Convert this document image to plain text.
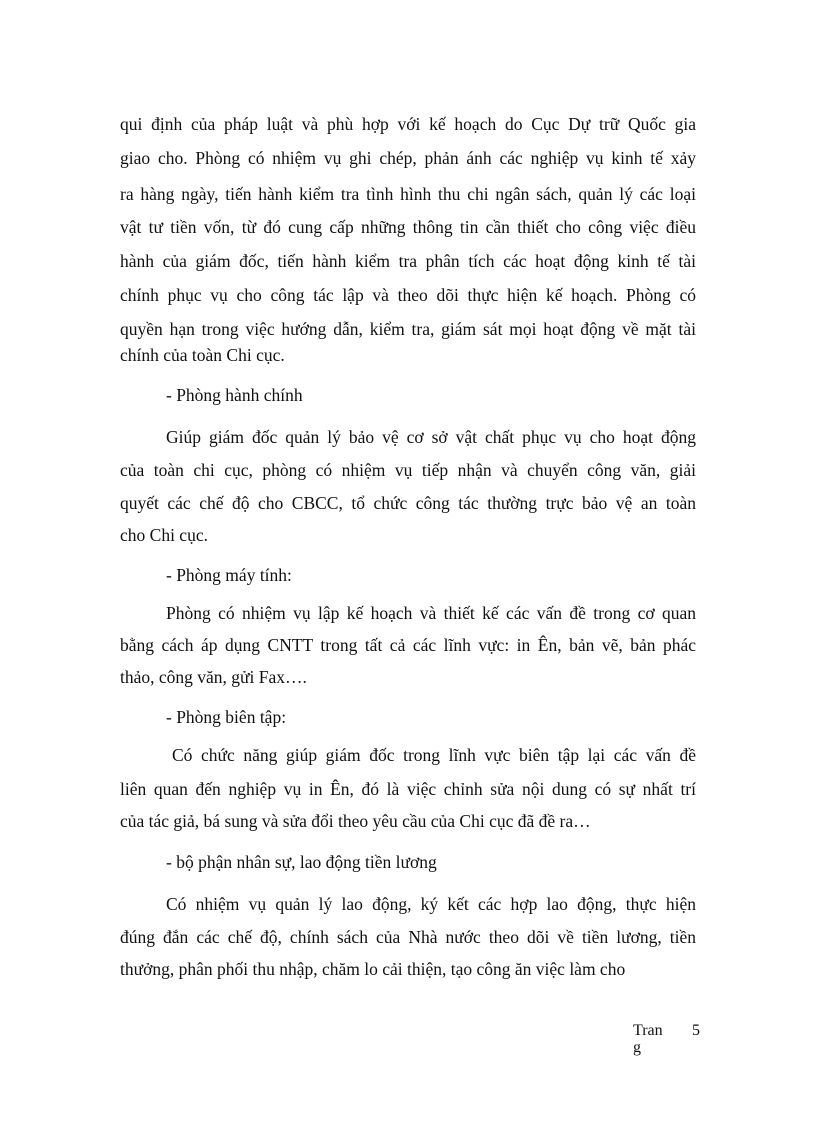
qui định của pháp luật và phù hợp với kế hoạch do Cục Dự trữ Quốc gia
giao cho. Phòng có nhiệm vụ ghi chép, phản ánh các nghiệp vụ kinh tế xảy
ra hàng ngày, tiến hành kiểm tra tình hình thu chi ngân sách, quản lý các loại
vật tư tiền vốn, từ đó cung cấp những thông tin cần thiết cho công việc điều
hành của giám đốc, tiến hành kiểm tra phân tích các hoạt động kinh tế tài
chính phục vụ cho công tác lập và theo dõi thực hiện kế hoạch. Phòng có
quyền hạn trong việc hướng dẫn, kiểm tra, giám sát mọi hoạt động về mặt tài
chính của toàn Chi cục.
- Phòng hành chính
Giúp giám đốc quản lý bảo vệ cơ sở vật chất phục vụ cho hoạt động
của toàn chi cục, phòng có nhiệm vụ tiếp nhận và chuyển công văn, giải
quyết các chế độ cho CBCC, tổ chức công tác thường trực bảo vệ an toàn
cho Chi cục.
- Phòng máy tính:
Phòng có nhiệm vụ lập kế hoạch và thiết kế các vấn đề trong cơ quan
bằng cách áp dụng CNTT trong tất cả các lĩnh vực: in Ên, bản vẽ, bản phác
thảo, công văn, gửi Fax….
- Phòng biên tập:
Có chức năng giúp giám đốc trong lĩnh vực biên tập lại các vấn đề
liên quan đến nghiệp vụ in Ên, đó là việc chỉnh sửa nội dung có sự nhất trí
của tác giả, bá sung và sửa đổi theo yêu cầu của Chi cục đã đề ra…
- bộ phận nhân sự, lao động tiền lương
Có nhiệm vụ quản lý lao động, ký kết các hợp lao động, thực hiện
đúng đắn các chế độ, chính sách của Nhà nước theo dõi về tiền lương, tiền
thưởng, phân phối thu nhập, chăm lo cải thiện, tạo công ăn việc làm cho
Trang
5
